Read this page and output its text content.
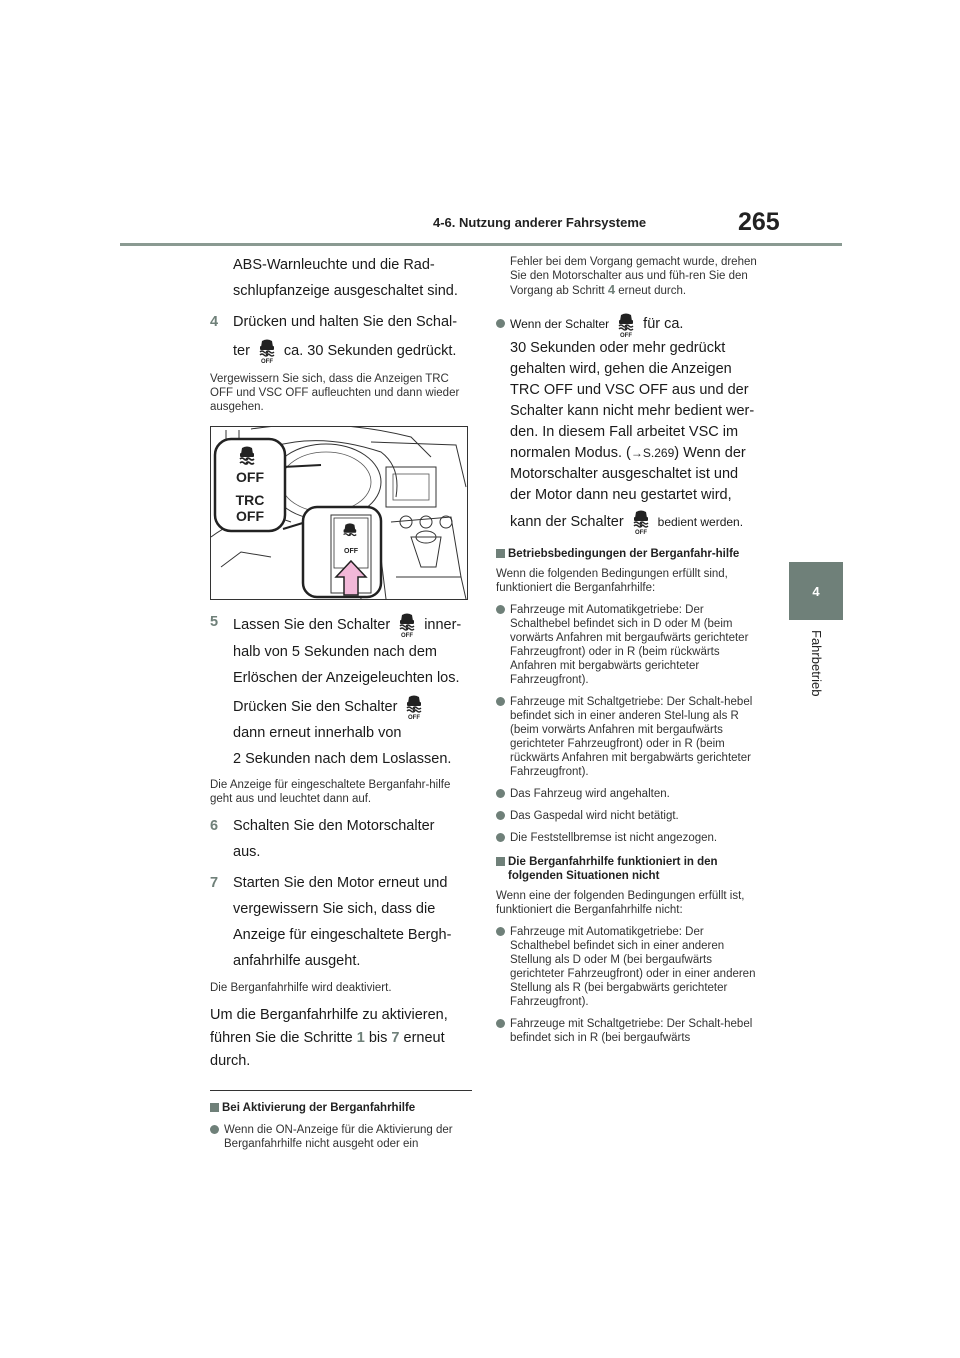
4-6. Nutzung anderer Fahrsysteme	265
4
Fahrbetrieb
ABS-Warnleuchte und die Rad-
schlupfanzeige ausgeschaltet sind.
4 Drücken und halten Sie den Schal-
ter
OFF
ca. 30 Sekunden gedrückt.
Vergewissern Sie sich, dass die Anzeigen TRC OFF und VSC OFF aufleuchten und dann wieder ausgehen.
OFF
TRC
OFF
OFF
5 Lassen Sie den Schalter
OFF
inner-
halb von 5 Sekunden nach dem
Erlöschen der Anzeigeleuchten los.
Drücken Sie den Schalter
OFF
dann erneut innerhalb von
2 Sekunden nach dem Loslassen.
Die Anzeige für eingeschaltete Berganfahr-hilfe geht aus und leuchtet dann auf.
6 Schalten Sie den Motorschalter
aus.
7 Starten Sie den Motor erneut und
vergewissern Sie sich, dass die
Anzeige für eingeschaltete Bergh-
anfahrhilfe ausgeht.
Die Berganfahrhilfe wird deaktiviert.
Um die Berganfahrhilfe zu aktivieren,
führen Sie die Schritte 1 bis 7 erneut
durch.
Bei Aktivierung der Berganfahrhilfe
Wenn die ON-Anzeige für die Aktivierung der Berganfahrhilfe nicht ausgeht oder ein
Fehler bei dem Vorgang gemacht wurde, drehen Sie den Motorschalter aus und füh-ren Sie den Vorgang ab Schritt 4 erneut durch.
Wenn der Schalter
OFF
für ca.
30 Sekunden oder mehr gedrückt
gehalten wird, gehen die Anzeigen
TRC OFF und VSC OFF aus und der
Schalter kann nicht mehr bedient wer-
den. In diesem Fall arbeitet VSC im
normalen Modus. (→S.269) Wenn der
Motorschalter ausgeschaltet ist und
der Motor dann neu gestartet wird,
kann der Schalter
OFF
bedient werden.
Betriebsbedingungen der Berganfahr-hilfe
Wenn die folgenden Bedingungen erfüllt sind, funktioniert die Berganfahrhilfe:
Fahrzeuge mit Automatikgetriebe: Der Schalthebel befindet sich in D oder M (beim vorwärts Anfahren mit bergaufwärts gerichteter Fahrzeugfront) oder in R (beim rückwärts Anfahren mit bergabwärts gerichteter Fahrzeugfront).
Fahrzeuge mit Schaltgetriebe: Der Schalt-hebel befindet sich in einer anderen Stel-lung als R (beim vorwärts Anfahren mit bergaufwärts gerichteter Fahrzeugfront) oder in R (beim rückwärts Anfahren mit bergabwärts gerichteter Fahrzeugfront).
Das Fahrzeug wird angehalten.
Das Gaspedal wird nicht betätigt.
Die Feststellbremse ist nicht angezogen.
Die Berganfahrhilfe funktioniert in den folgenden Situationen nicht
Wenn eine der folgenden Bedingungen erfüllt ist, funktioniert die Berganfahrhilfe nicht:
Fahrzeuge mit Automatikgetriebe: Der Schalthebel befindet sich in einer anderen Stellung als D oder M (bei bergaufwärts gerichteter Fahrzeugfront) oder in einer anderen Stellung als R (bei bergabwärts gerichteter Fahrzeugfront).
Fahrzeuge mit Schaltgetriebe: Der Schalt-hebel befindet sich in R (bei bergaufwärts
